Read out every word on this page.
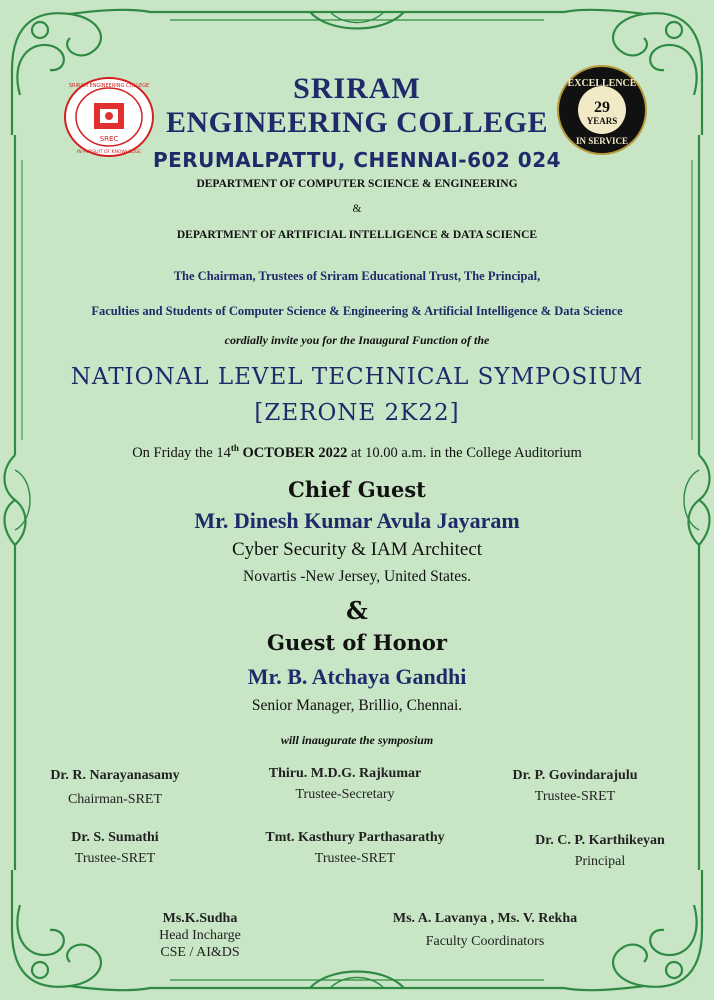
SREC
SRIRAM ENGINEERING COLLEGE
IN PURSUIT OF KNOWLEDGE
EXCELLENCE
29
YEARS
IN SERVICE
SRIRAM
ENGINEERING COLLEGE
PERUMALPATTU, CHENNAI-602 024
DEPARTMENT OF COMPUTER SCIENCE & ENGINEERING
&
DEPARTMENT OF ARTIFICIAL INTELLIGENCE & DATA SCIENCE
The Chairman, Trustees of Sriram Educational Trust, The Principal,
Faculties and Students of Computer Science & Engineering & Artificial Intelligence & Data Science
cordially invite you for the Inaugural Function of the
NATIONAL LEVEL TECHNICAL SYMPOSIUM
[ZERONE 2K22]
On Friday the 14th OCTOBER 2022 at 10.00 a.m. in the College Auditorium
Chief Guest
Mr. Dinesh Kumar Avula Jayaram
Cyber Security & IAM Architect
Novartis -New Jersey, United States.
&
Guest of Honor
Mr. B. Atchaya Gandhi
Senior Manager, Brillio, Chennai.
will inaugurate the symposium
Dr. R. Narayanasamy
Chairman-SRET
Thiru. M.D.G. Rajkumar
Trustee-Secretary
Dr. P. Govindarajulu
Trustee-SRET
Dr. S. Sumathi
Trustee-SRET
Tmt. Kasthury Parthasarathy
Trustee-SRET
Dr. C. P. Karthikeyan
Principal
Ms.K.Sudha
Head Incharge
CSE / AI&DS
Ms. A. Lavanya , Ms. V. Rekha
Faculty Coordinators
